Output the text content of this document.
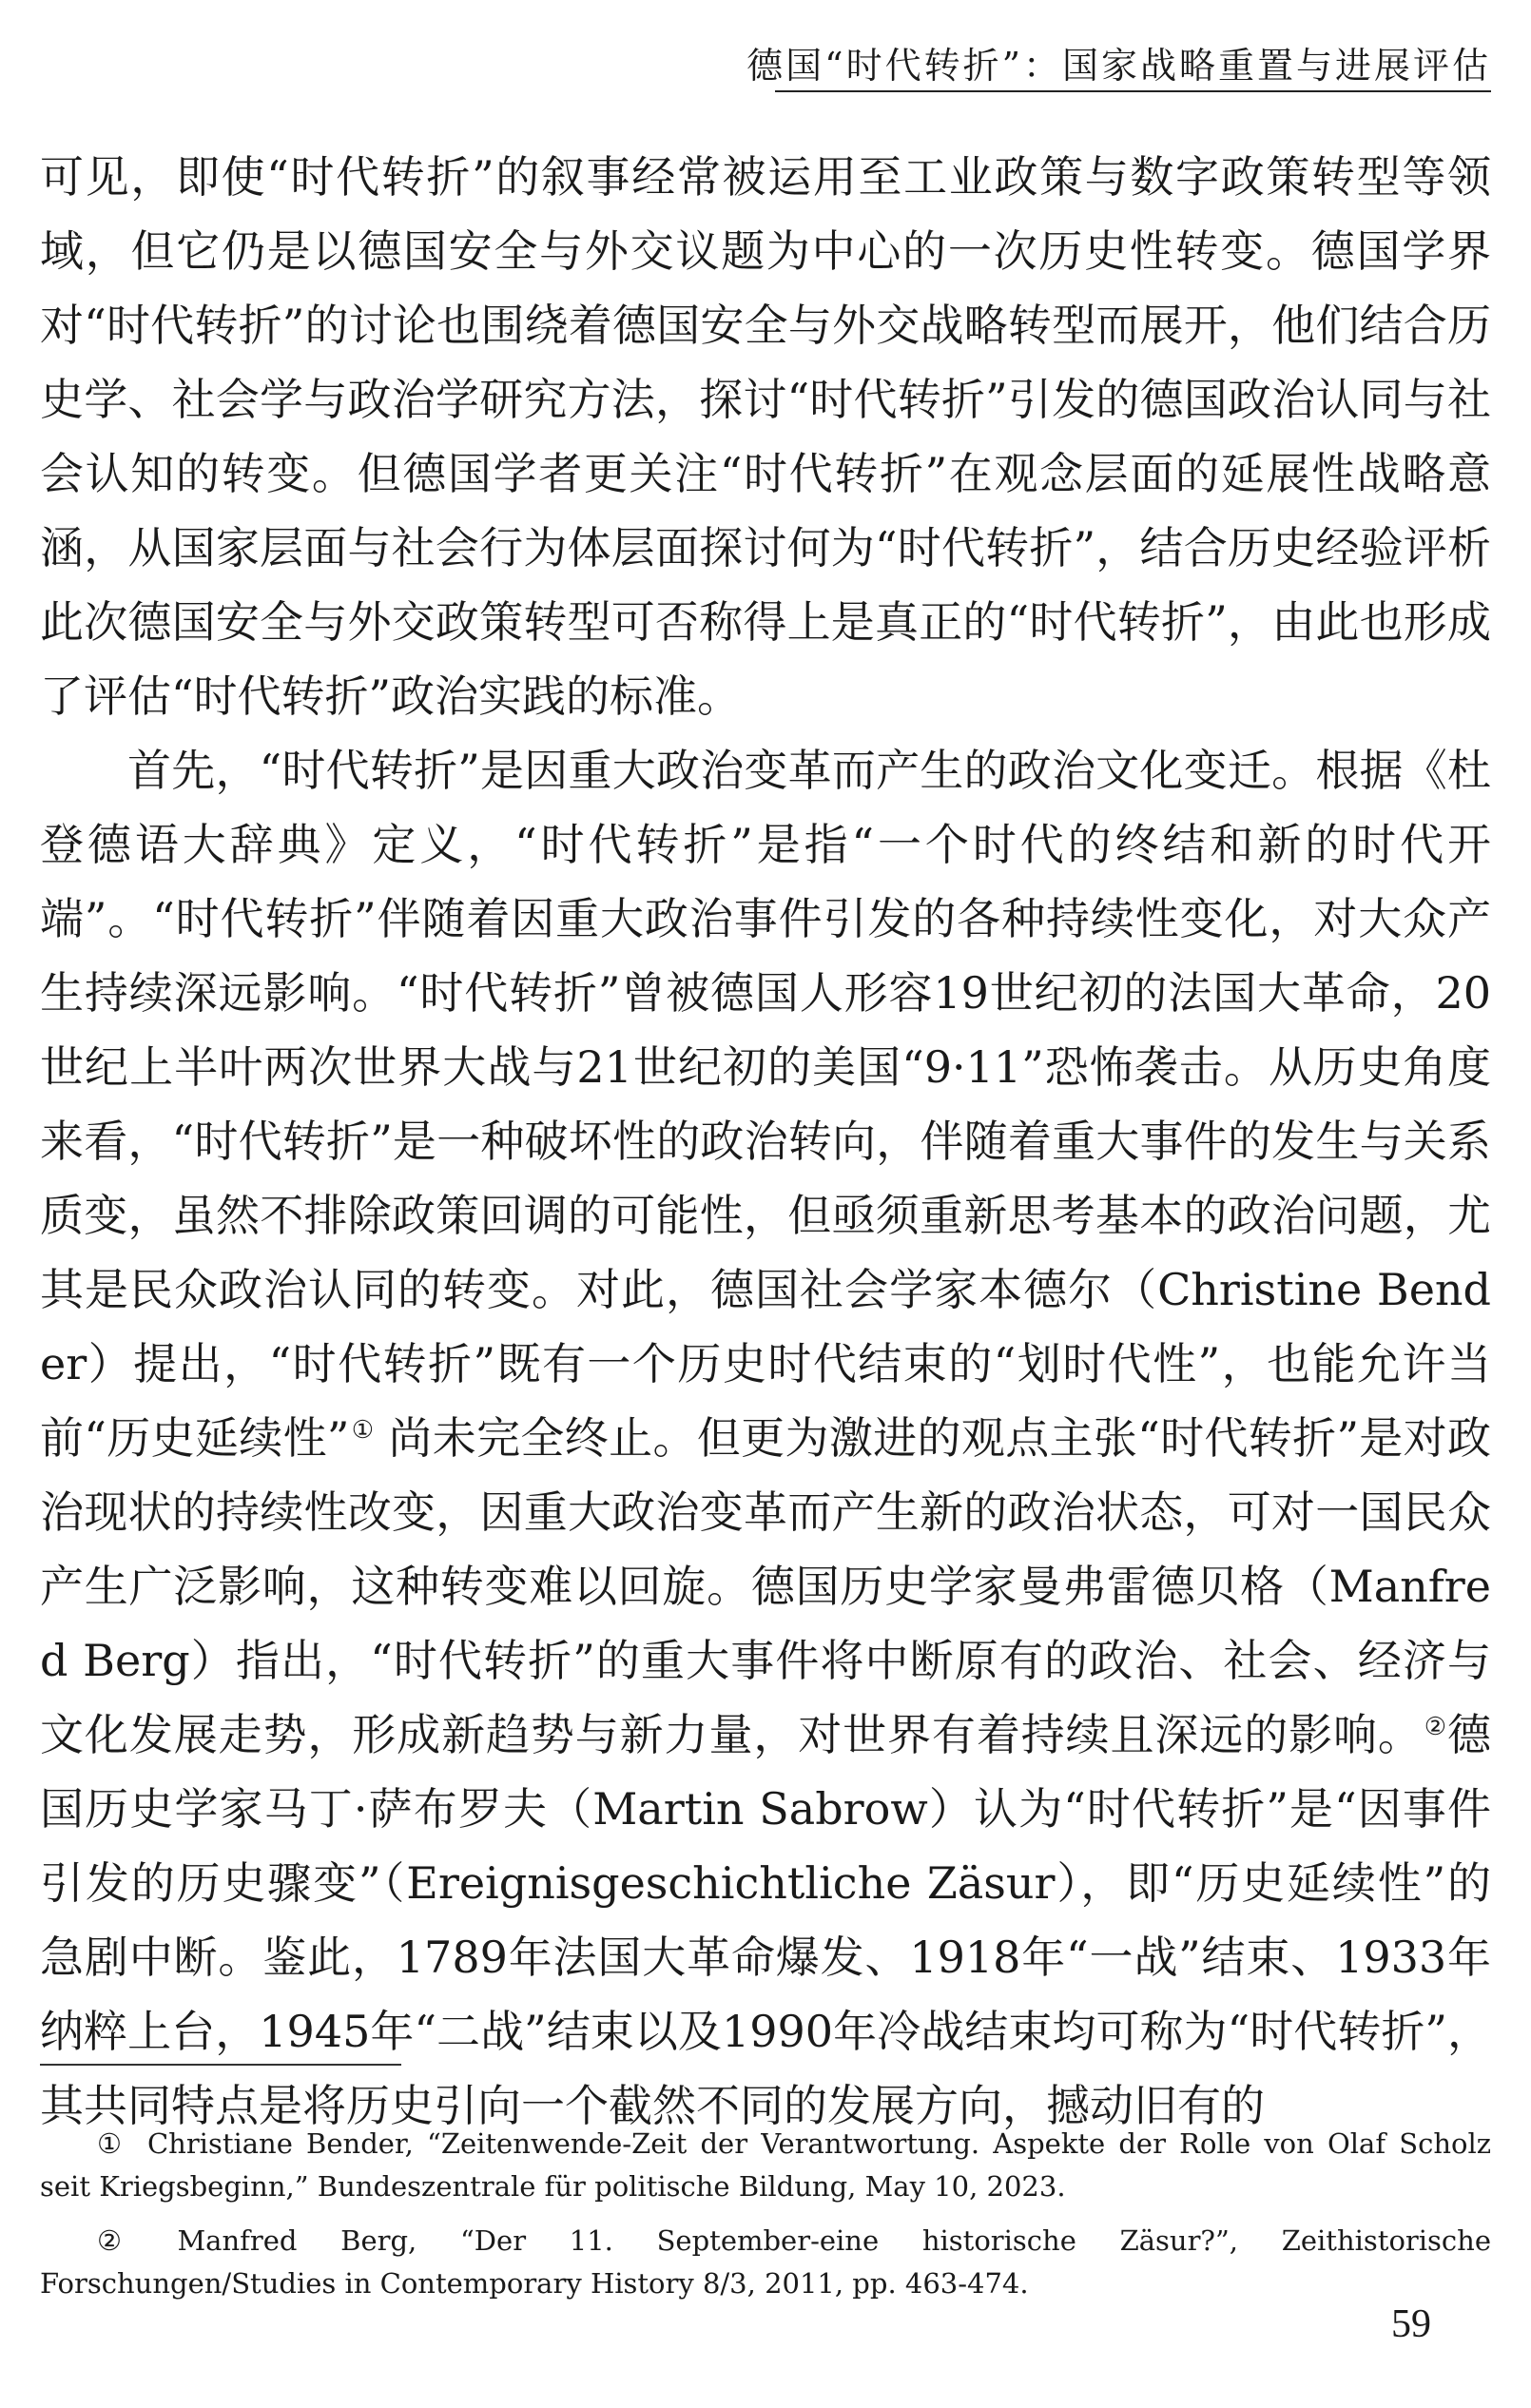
德国“时代转折”：国家战略重置与进展评估

可见，即使“时代转折”的叙事经常被运用至工业政策与数字政策转型等领域，但它仍是以德国安全与外交议题为中心的一次历史性转变。德国学界对“时代转折”的讨论也围绕着德国安全与外交战略转型而展开，他们结合历史学、社会学与政治学研究方法，探讨“时代转折”引发的德国政治认同与社会认知的转变。但德国学者更关注“时代转折”在观念层面的延展性战略意涵，从国家层面与社会行为体层面探讨何为“时代转折”，结合历史经验评析此次德国安全与外交政策转型可否称得上是真正的“时代转折”，由此也形成了评估“时代转折”政治实践的标准。

首先，“时代转折”是因重大政治变革而产生的政治文化变迁。根据《杜登德语大辞典》定义，“时代转折”是指“一个时代的终结和新的时代开端”。“时代转折”伴随着因重大政治事件引发的各种持续性变化，对大众产生持续深远影响。“时代转折”曾被德国人形容19世纪初的法国大革命，20世纪上半叶两次世界大战与21世纪初的美国“9·11”恐怖袭击。从历史角度来看，“时代转折”是一种破坏性的政治转向，伴随着重大事件的发生与关系质变，虽然不排除政策回调的可能性，但亟须重新思考基本的政治问题，尤其是民众政治认同的转变。对此，德国社会学家本德尔（Christine Bender）提出，“时代转折”既有一个历史时代结束的“划时代性”，也能允许当前“历史延续性”① 尚未完全终止。但更为激进的观点主张“时代转折”是对政治现状的持续性改变，因重大政治变革而产生新的政治状态，可对一国民众产生广泛影响，这种转变难以回旋。德国历史学家曼弗雷德贝格（Manfred Berg）指出，“时代转折”的重大事件将中断原有的政治、社会、经济与文化发展走势，形成新趋势与新力量，对世界有着持续且深远的影响。②德国历史学家马丁·萨布罗夫（Martin Sabrow）认为“时代转折”是“因事件引发的历史骤变”（Ereignisgeschichtliche Zäsur），即“历史延续性”的急剧中断。鉴此，1789年法国大革命爆发、1918年“一战”结束、1933年纳粹上台，1945年“二战”结束以及1990年冷战结束均可称为“时代转折”，其共同特点是将历史引向一个截然不同的发展方向，撼动旧有的

① Christiane Bender, “Zeitenwende-Zeit der Verantwortung. Aspekte der Rolle von Olaf Scholz seit Kriegsbeginn,” Bundeszentrale für politische Bildung, May 10, 2023.

② Manfred Berg, “Der 11. September-eine historische Zäsur?”, Zeithistorische Forschungen/Studies in Contemporary History 8/3, 2011, pp. 463-474.

59
